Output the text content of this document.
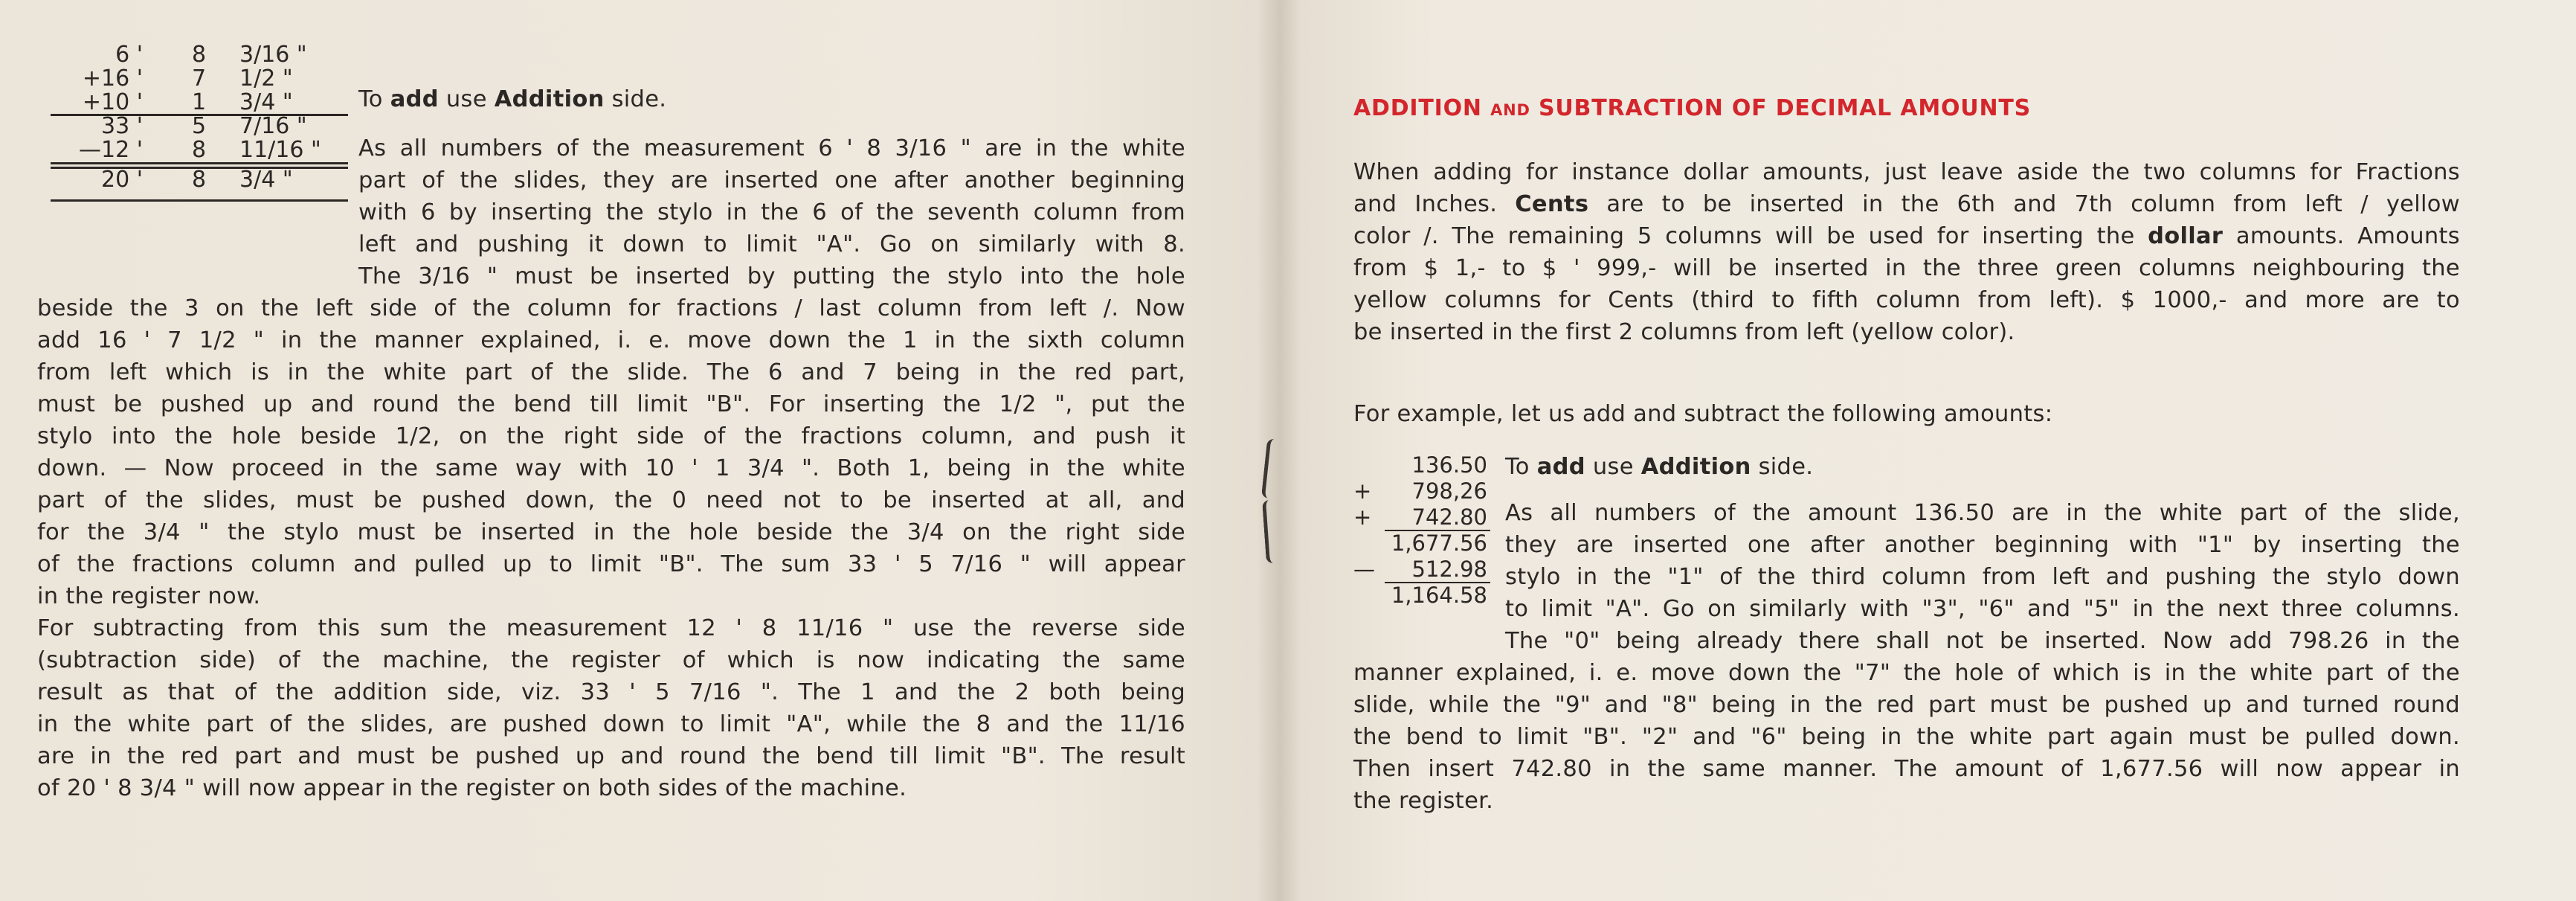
6 ' 8 3/16 "
+16 ' 7 1/2 "
+10 ' 1 3/4 "
33 ' 5 7/16 "
—12 ' 8 11/16 "
20 ' 8 3/4 "
To add use Addition side.
As all numbers of the measurement 6 ' 8 3/16 " are in the white
part of the slides, they are inserted one after another beginning
with 6 by inserting the stylo in the 6 of the seventh column from
left and pushing it down to limit "A". Go on similarly with 8.
The 3/16 " must be inserted by putting the stylo into the hole
beside the 3 on the left side of the column for fractions / last column from left /. Now
add 16 ' 7 1/2 " in the manner explained, i. e. move down the 1 in the sixth column
from left which is in the white part of the slide. The 6 and 7 being in the red part,
must be pushed up and round the bend till limit "B". For inserting the 1/2 ", put the
stylo into the hole beside 1/2, on the right side of the fractions column, and push it
down. — Now proceed in the same way with 10 ' 1 3/4 ". Both 1, being in the white
part of the slides, must be pushed down, the 0 need not to be inserted at all, and
for the 3/4 " the stylo must be inserted in the hole beside the 3/4 on the right side
of the fractions column and pulled up to limit "B". The sum 33 ' 5 7/16 " will appear
in the register now.
For subtracting from this sum the measurement 12 ' 8 11/16 " use the reverse side
(subtraction side) of the machine, the register of which is now indicating the same
result as that of the addition side, viz. 33 ' 5 7/16 ". The 1 and the 2 both being
in the white part of the slides, are pushed down to limit "A", while the 8 and the 11/16
are in the red part and must be pushed up and round the bend till limit "B". The result
of 20 ' 8 3/4 " will now appear in the register on both sides of the machine.
ADDITION and SUBTRACTION OF DECIMAL AMOUNTS
When adding for instance dollar amounts, just leave aside the two columns for Fractions
and Inches. Cents are to be inserted in the 6th and 7th column from left / yellow
color /. The remaining 5 columns will be used for inserting the dollar amounts. Amounts
from $ 1,- to $ ' 999,- will be inserted in the three green columns neighbouring the
yellow columns for Cents (third to fifth column from left). $ 1000,- and more are to
be inserted in the first 2 columns from left (yellow color).
For example, let us add and subtract the following amounts:
136.50
+ 798,26
+ 742.80
1,677.56
— 512.98
1,164.58
To add use Addition side.
As all numbers of the amount 136.50 are in the white part of the slide,
they are inserted one after another beginning with "1" by inserting the
stylo in the "1" of the third column from left and pushing the stylo down
to limit "A". Go on similarly with "3", "6" and "5" in the next three columns.
The "0" being already there shall not be inserted. Now add 798.26 in the
manner explained, i. e. move down the "7" the hole of which is in the white part of the
slide, while the "9" and "8" being in the red part must be pushed up and turned round
the bend to limit "B". "2" and "6" being in the white part again must be pulled down.
Then insert 742.80 in the same manner. The amount of 1,677.56 will now appear in
the register.
